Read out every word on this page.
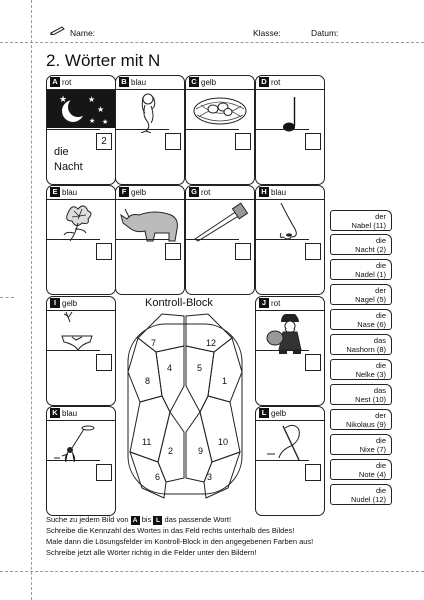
Name:	Klasse:	Datum:
2. Wörter mit N
A rot
★	★
★
★ ★
die
Nacht
2
B blau	C gelb	D rot
E blau	F gelb	G rot	H blau
I gelb	J rot
K blau	L gelb
Kontroll-Block
7	12
4	5
8	1
11	10
2	9
6	3
der
Nabel (11)
die
Nacht (2)
die
Nadel (1)
der
Nagel (5)
die
Nase (6)
das
Nashorn (8)
die
Nelke (3)
das
Nest (10)
der
Nikolaus (9)
die
Nixe (7)
die
Note (4)
die
Nudel (12)
Suche zu jedem Bild von A bis L das passende Wort!
Schreibe die Kennzahl des Wortes in das Feld rechts unterhalb des Bildes!
Male dann die Lösungsfelder im Kontroll-Block in den angegebenen Farben aus!
Schreibe jetzt alle Wörter richtig in die Felder unter den Bildern!
